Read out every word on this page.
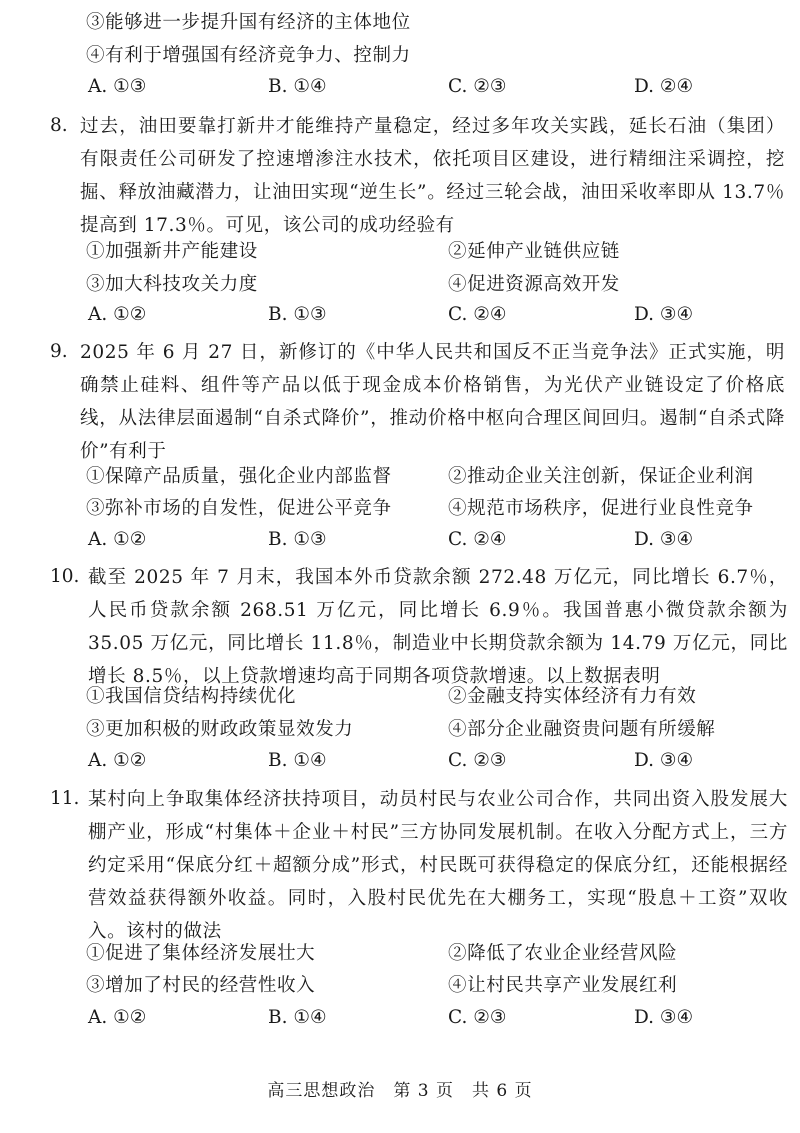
③能够进一步提升国有经济的主体地位
④有利于增强国有经济竞争力、控制力
A. ①③	B. ①④	C. ②③	D. ②④
8. 过去，油田要靠打新井才能维持产量稳定，经过多年攻关实践，延长石油（集团）有限责任公司研发了控速增渗注水技术，依托项目区建设，进行精细注采调控，挖掘、释放油藏潜力，让油田实现“逆生长”。经过三轮会战，油田采收率即从 13.7％提高到 17.3％。可见，该公司的成功经验有
①加强新井产能建设	②延伸产业链供应链
③加大科技攻关力度	④促进资源高效开发
A. ①②	B. ①③	C. ②④	D. ③④
9. 2025 年 6 月 27 日，新修订的《中华人民共和国反不正当竞争法》正式实施，明确禁止硅料、组件等产品以低于现金成本价格销售，为光伏产业链设定了价格底线，从法律层面遏制“自杀式降价”，推动价格中枢向合理区间回归。遏制“自杀式降价”有利于
①保障产品质量，强化企业内部监督	②推动企业关注创新，保证企业利润
③弥补市场的自发性，促进公平竞争	④规范市场秩序，促进行业良性竞争
A. ①②	B. ①③	C. ②④	D. ③④
10. 截至 2025 年 7 月末，我国本外币贷款余额 272.48 万亿元，同比增长 6.7％，人民币贷款余额 268.51 万亿元，同比增长 6.9％。我国普惠小微贷款余额为 35.05 万亿元，同比增长 11.8％，制造业中长期贷款余额为 14.79 万亿元，同比增长 8.5％，以上贷款增速均高于同期各项贷款增速。以上数据表明
①我国信贷结构持续优化	②金融支持实体经济有力有效
③更加积极的财政政策显效发力	④部分企业融资贵问题有所缓解
A. ①②	B. ①④	C. ②③	D. ③④
11. 某村向上争取集体经济扶持项目，动员村民与农业公司合作，共同出资入股发展大棚产业，形成“村集体＋企业＋村民”三方协同发展机制。在收入分配方式上，三方约定采用“保底分红＋超额分成”形式，村民既可获得稳定的保底分红，还能根据经营效益获得额外收益。同时，入股村民优先在大棚务工，实现“股息＋工资”双收入。该村的做法
①促进了集体经济发展壮大	②降低了农业企业经营风险
③增加了村民的经营性收入	④让村民共享产业发展红利
A. ①②	B. ①④	C. ②③	D. ③④
高三思想政治　第 3 页　共 6 页
